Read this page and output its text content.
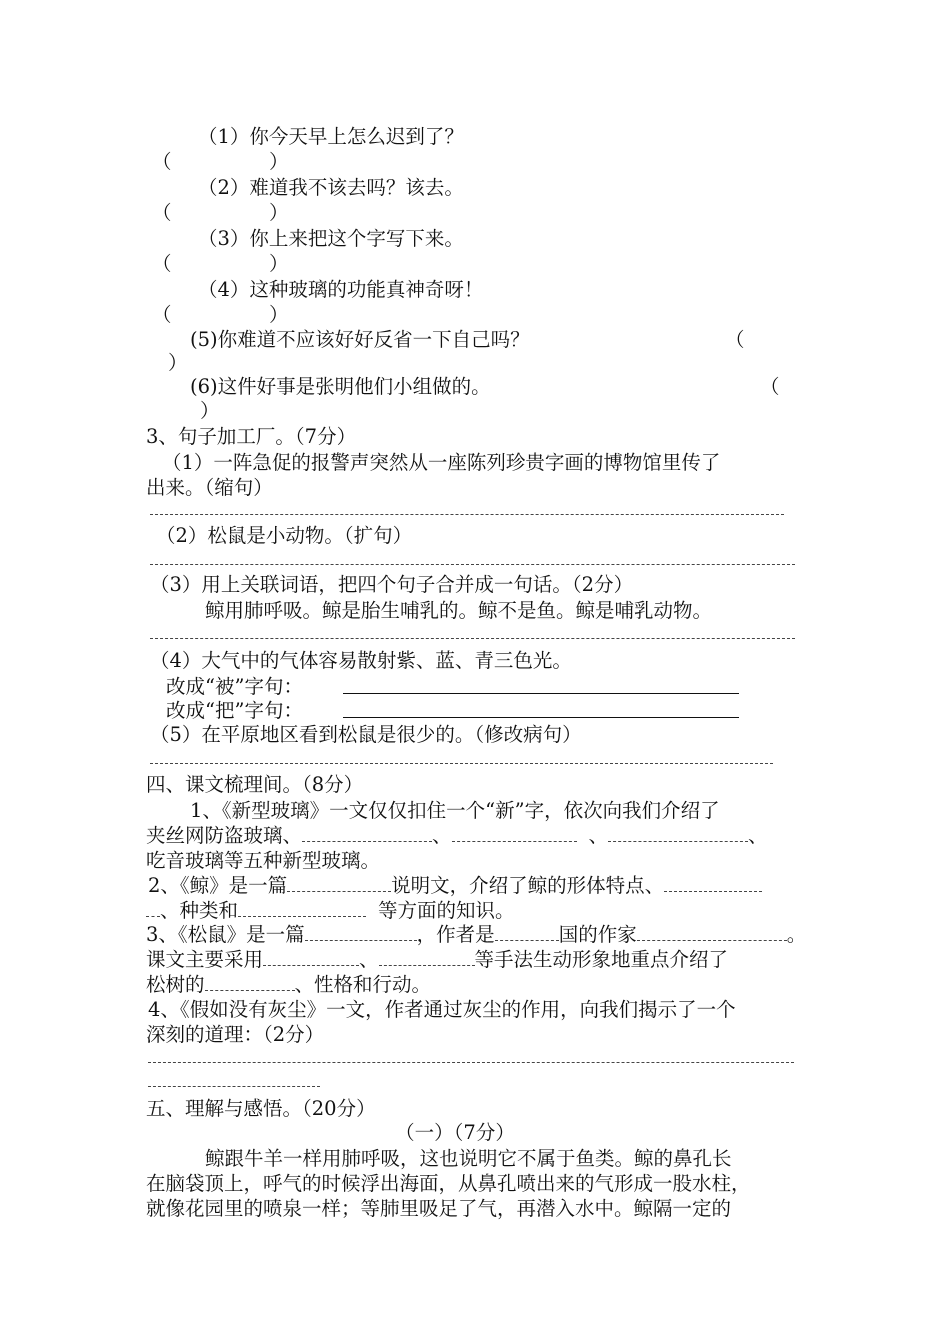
（1）你今天早上怎么迟到了？
（　　　　　）
（2）难道我不该去吗？该去。
（　　　　　）
（3）你上来把这个字写下来。
（　　　　　）
（4）这种玻璃的功能真神奇呀！
（　　　　　）
(5)你难道不应该好好反省一下自己吗？	（
）
(6)这件好事是张明他们小组做的。	（
）
3、句子加工厂。（7分）
（1）一阵急促的报警声突然从一座陈列珍贵字画的博物馆里传了
出来。（缩句）
（2）松鼠是小动物。（扩句）
（3）用上关联词语，把四个句子合并成一句话。（2分）
鲸用肺呼吸。鲸是胎生哺乳的。鲸不是鱼。鲸是哺乳动物。
（4）大气中的气体容易散射紫、蓝、青三色光。
改成“被”字句：
改成“把”字句：
（5）在平原地区看到松鼠是很少的。（修改病句）
四、课文梳理间。（8分）
1、《新型玻璃》一文仅仅扣住一个“新”字，依次向我们介绍了
夹丝网防盗玻璃、	、	、	、
吃音玻璃等五种新型玻璃。
2、《鲸》是一篇	说明文，介绍了鲸的形体特点、
、种类和	等方面的知识。
3、《松鼠》是一篇	，作者是	国的作家	。
课文主要采用	、	等手法生动形象地重点介绍了
松树的	、性格和行动。
4、《假如没有灰尘》一文，作者通过灰尘的作用，向我们揭示了一个
深刻的道理：（2分）
五、理解与感悟。（20分）
（一）（7分）
鲸跟牛羊一样用肺呼吸，这也说明它不属于鱼类。鲸的鼻孔长
在脑袋顶上，呼气的时候浮出海面，从鼻孔喷出来的气形成一股水柱，
就像花园里的喷泉一样；等肺里吸足了气，再潜入水中。鲸隔一定的
